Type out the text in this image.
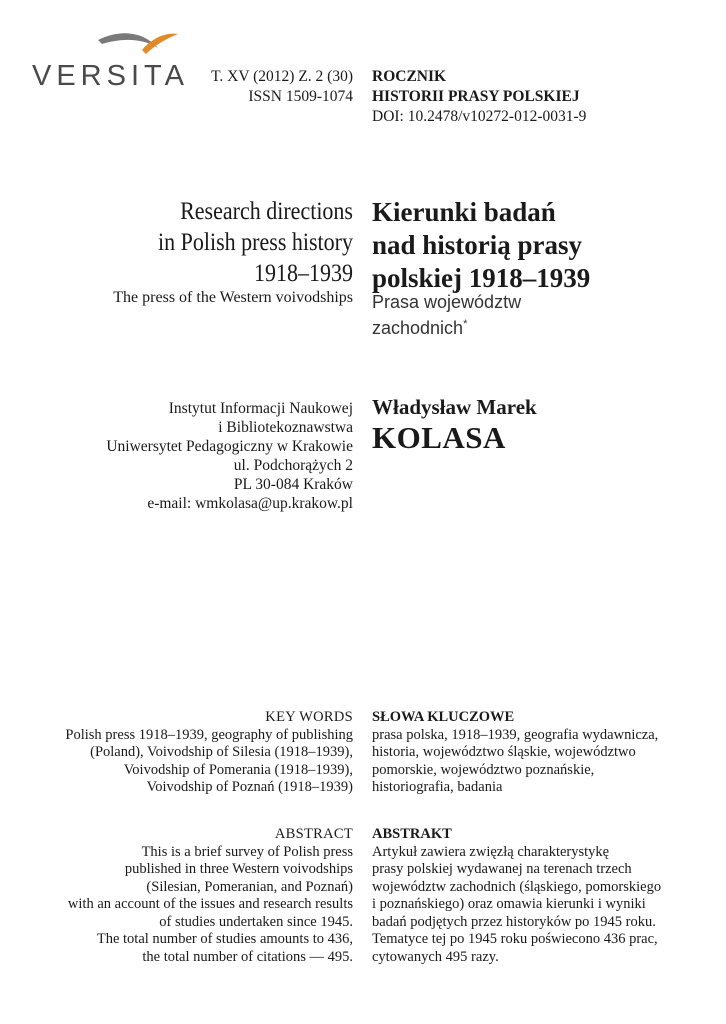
VERSITA	T. XV (2012) Z. 2 (30)
ISSN 1509-1074
ROCZNIK
HISTORII PRASY POLSKIEJ
DOI: 10.2478/v10272-012-0031-9
Research directions
in Polish press history
1918–1939
The press of the Western voivodships
Kierunki badań
nad historią prasy
polskiej 1918–1939
Prasa województw
zachodnich*
Instytut Informacji Naukowej
i Bibliotekoznawstwa
Uniwersytet Pedagogiczny w Krakowie
ul. Podchorążych 2
PL 30-084 Kraków
e-mail: wmkolasa@up.krakow.pl
Władysław Marek
KOLASA
KEY WORDS
Polish press 1918–1939, geography of publishing
(Poland), Voivodship of Silesia (1918–1939),
Voivodship of Pomerania (1918–1939),
Voivodship of Poznań (1918–1939)
SŁOWA KLUCZOWE
prasa polska, 1918–1939, geografia wydawnicza,
historia, województwo śląskie, województwo
pomorskie, województwo poznańskie,
historiografia, badania
ABSTRACT
This is a brief survey of Polish press
published in three Western voivodships
(Silesian, Pomeranian, and Poznań)
with an account of the issues and research results
of studies undertaken since 1945.
The total number of studies amounts to 436,
the total number of citations — 495.
ABSTRAKT
Artykuł zawiera zwięzłą charakterystykę
prasy polskiej wydawanej na terenach trzech
województw zachodnich (śląskiego, pomorskiego
i poznańskiego) oraz omawia kierunki i wyniki
badań podjętych przez historyków po 1945 roku.
Tematyce tej po 1945 roku poświecono 436 prac,
cytowanych 495 razy.
